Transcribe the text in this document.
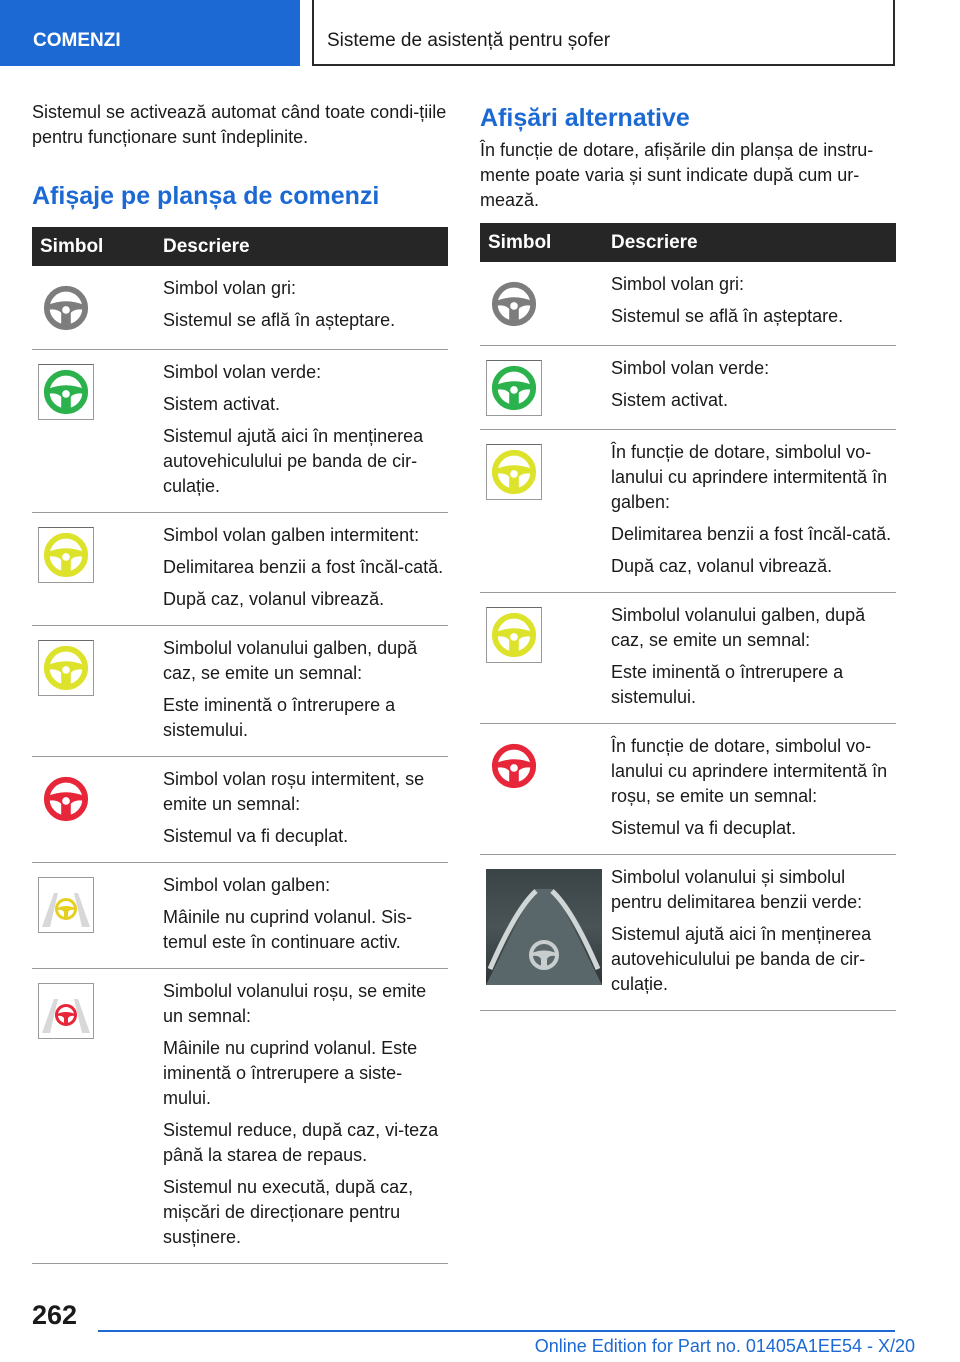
COMENZI	Sisteme de asistență pentru șofer

Sistemul se activează automat când toate condi-țiile pentru funcționare sunt îndeplinite.

Afișaje pe planșa de comenzi
Simbol	Descriere

Simbol volan gri:
Sistemul se află în așteptare.

Simbol volan verde:
Sistem activat.
Sistemul ajută aici în menținerea autovehiculului pe banda de cir-culație.

Simbol volan galben intermitent:
Delimitarea benzii a fost încăl-cată.
După caz, volanul vibrează.

Simbolul volanului galben, după caz, se emite un semnal:
Este iminentă o întrerupere a sistemului.

Simbol volan roșu intermitent, se emite un semnal:
Sistemul va fi decuplat.

Simbol volan galben:
Mâinile nu cuprind volanul. Sis-temul este în continuare activ.

Simbolul volanului roșu, se emite un semnal:
Mâinile nu cuprind volanul. Este iminentă o întrerupere a siste-mului.
Sistemul reduce, după caz, vi-teza până la starea de repaus.
Sistemul nu execută, după caz, mișcări de direcționare pentru susținere.
Afișări alternative

În funcție de dotare, afișările din planșa de instru-mente poate varia și sunt indicate după cum ur-mează.

Simbol	Descriere

Simbol volan gri:
Sistemul se află în așteptare.

Simbol volan verde:
Sistem activat.

În funcție de dotare, simbolul vo-lanului cu aprindere intermitentă în galben:
Delimitarea benzii a fost încăl-cată.
După caz, volanul vibrează.

Simbolul volanului galben, după caz, se emite un semnal:
Este iminentă o întrerupere a sistemului.

În funcție de dotare, simbolul vo-lanului cu aprindere intermitentă în roșu, se emite un semnal:
Sistemul va fi decuplat.

Simbolul volanului și simbolul pentru delimitarea benzii verde:
Sistemul ajută aici în menținerea autovehiculului pe banda de cir-culație.
262
Online Edition for Part no. 01405A1EE54 - X/20
